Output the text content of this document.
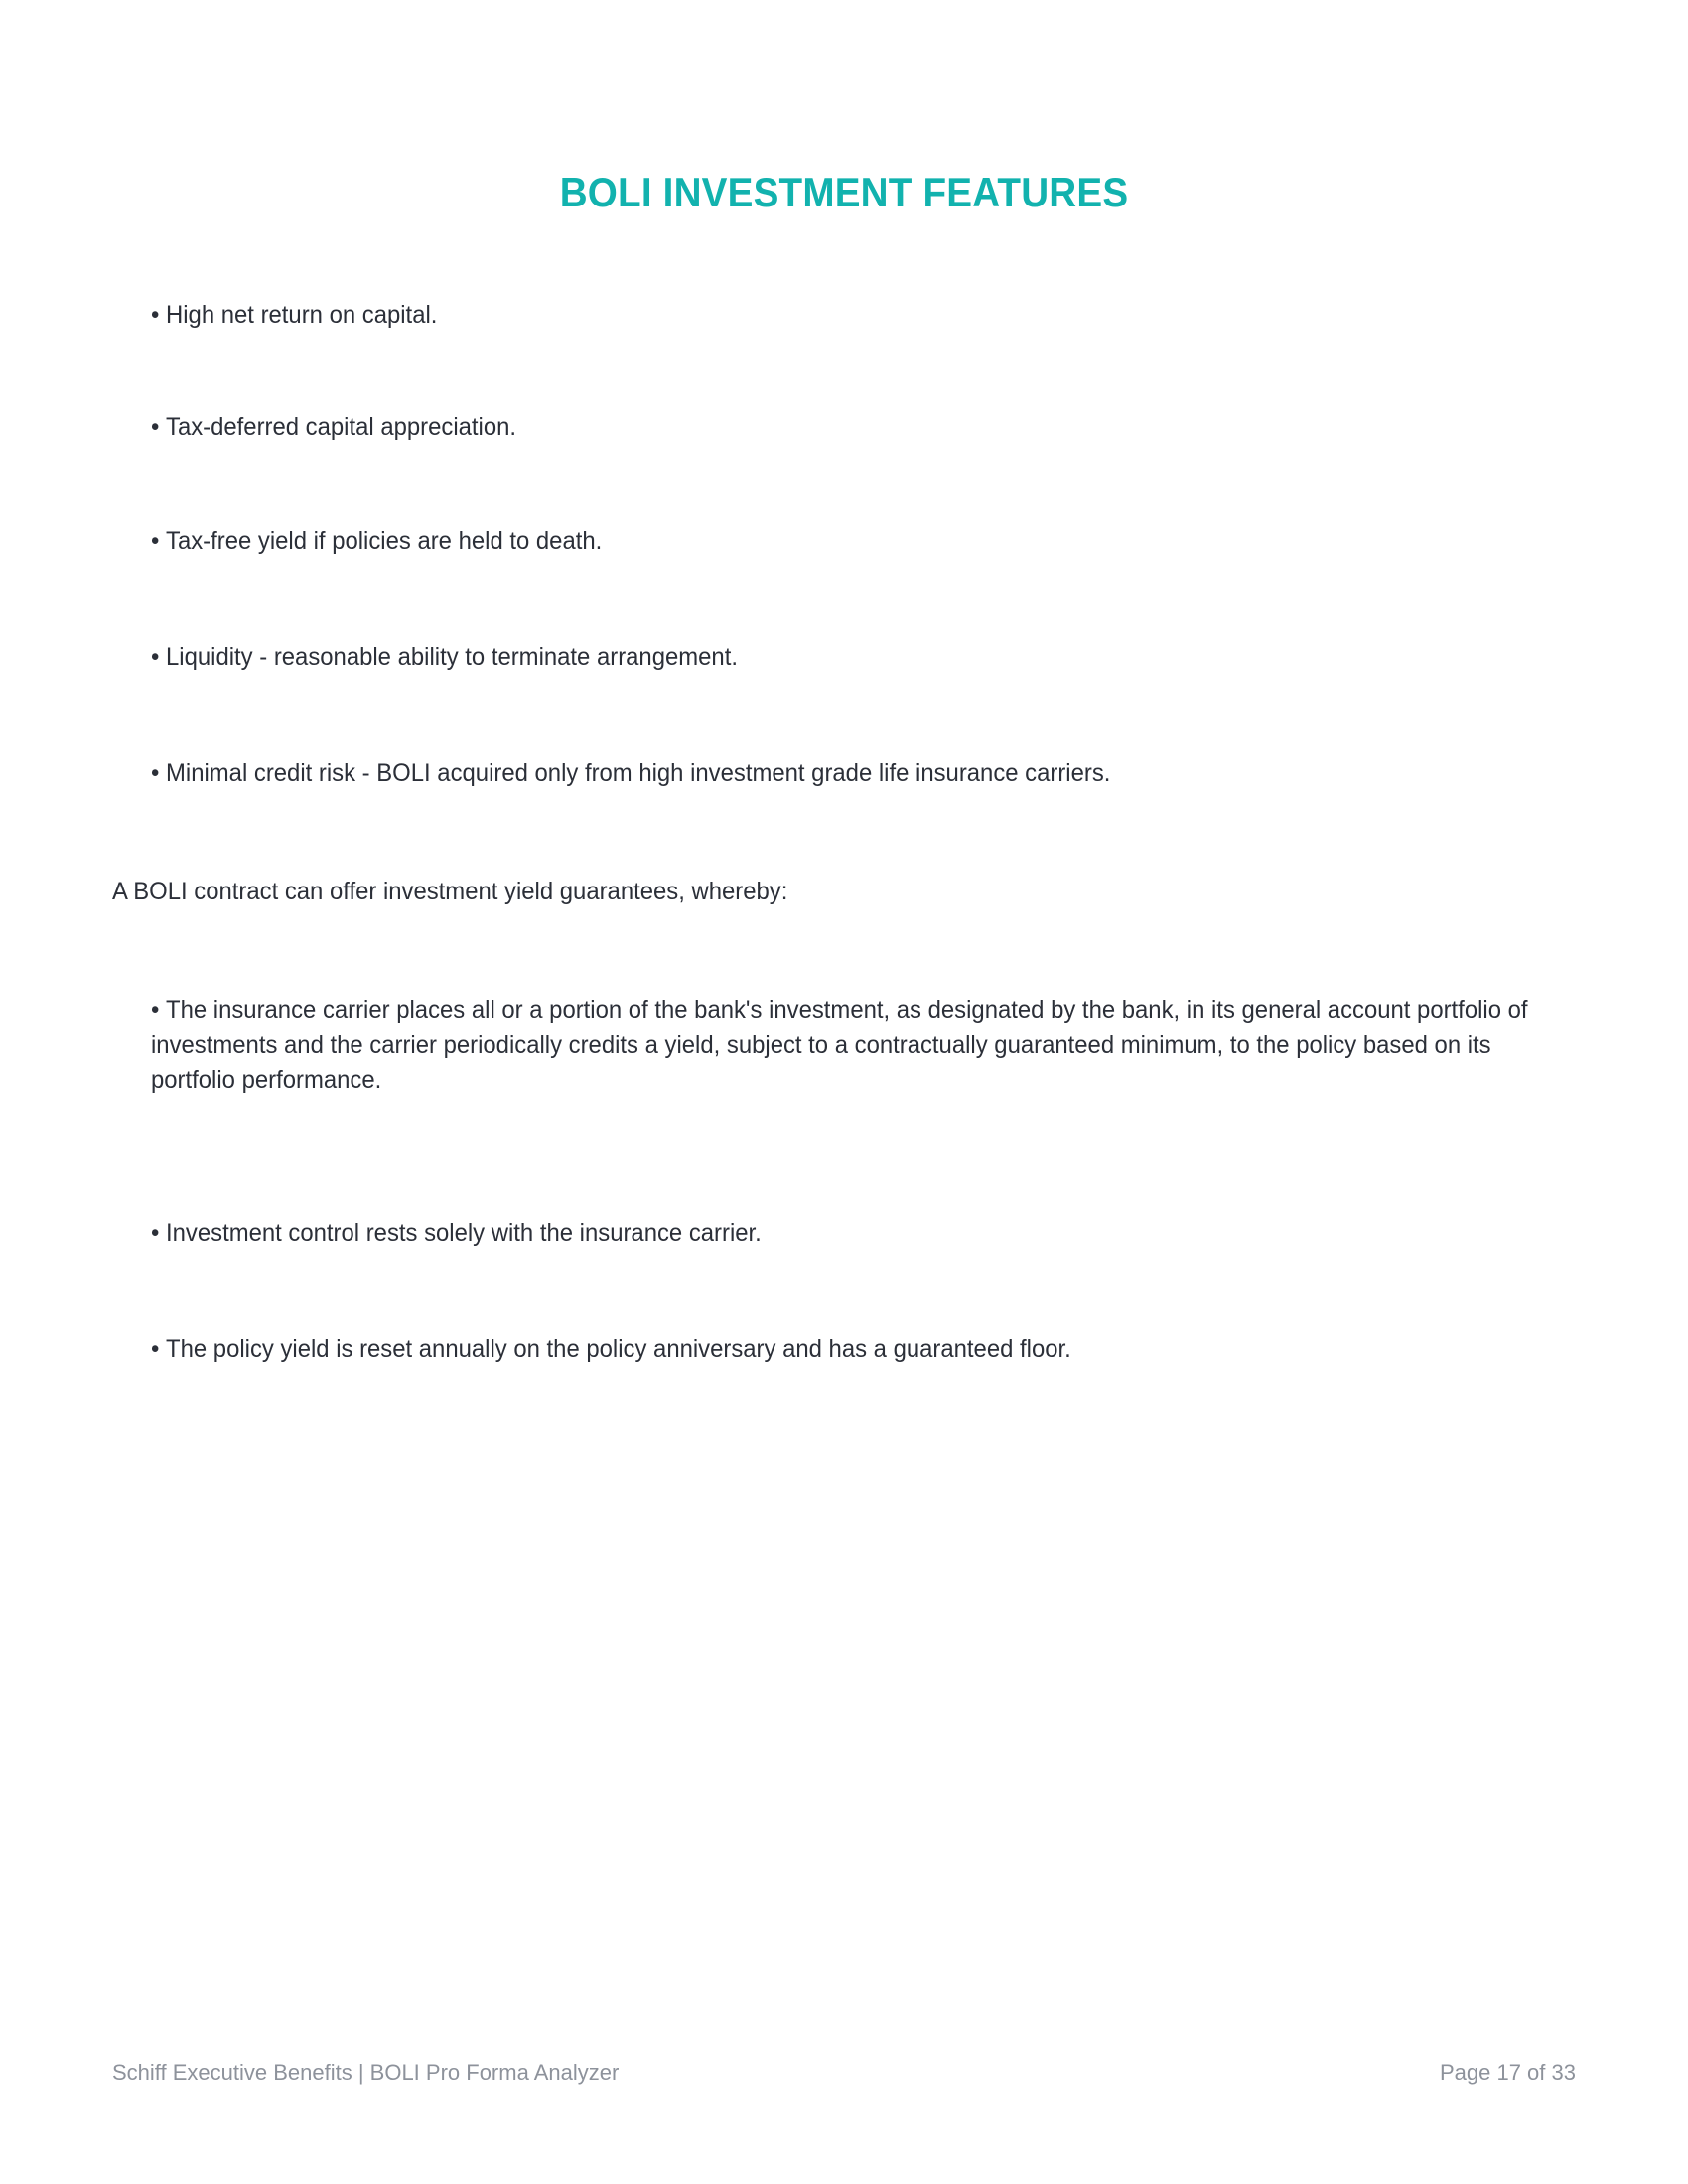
BOLI INVESTMENT FEATURES

• High net return on capital.

• Tax-deferred capital appreciation.

• Tax-free yield if policies are held to death.

• Liquidity - reasonable ability to terminate arrangement.

• Minimal credit risk - BOLI acquired only from high investment grade life insurance carriers.

A BOLI contract can offer investment yield guarantees, whereby:

• The insurance carrier places all or a portion of the bank's investment, as designated by the bank, in its general account portfolio of investments and the carrier periodically credits a yield, subject to a contractually guaranteed minimum, to the policy based on its portfolio performance.

• Investment control rests solely with the insurance carrier.

• The policy yield is reset annually on the policy anniversary and has a guaranteed floor.

Schiff Executive Benefits | BOLI Pro Forma Analyzer	Page 17 of 33
